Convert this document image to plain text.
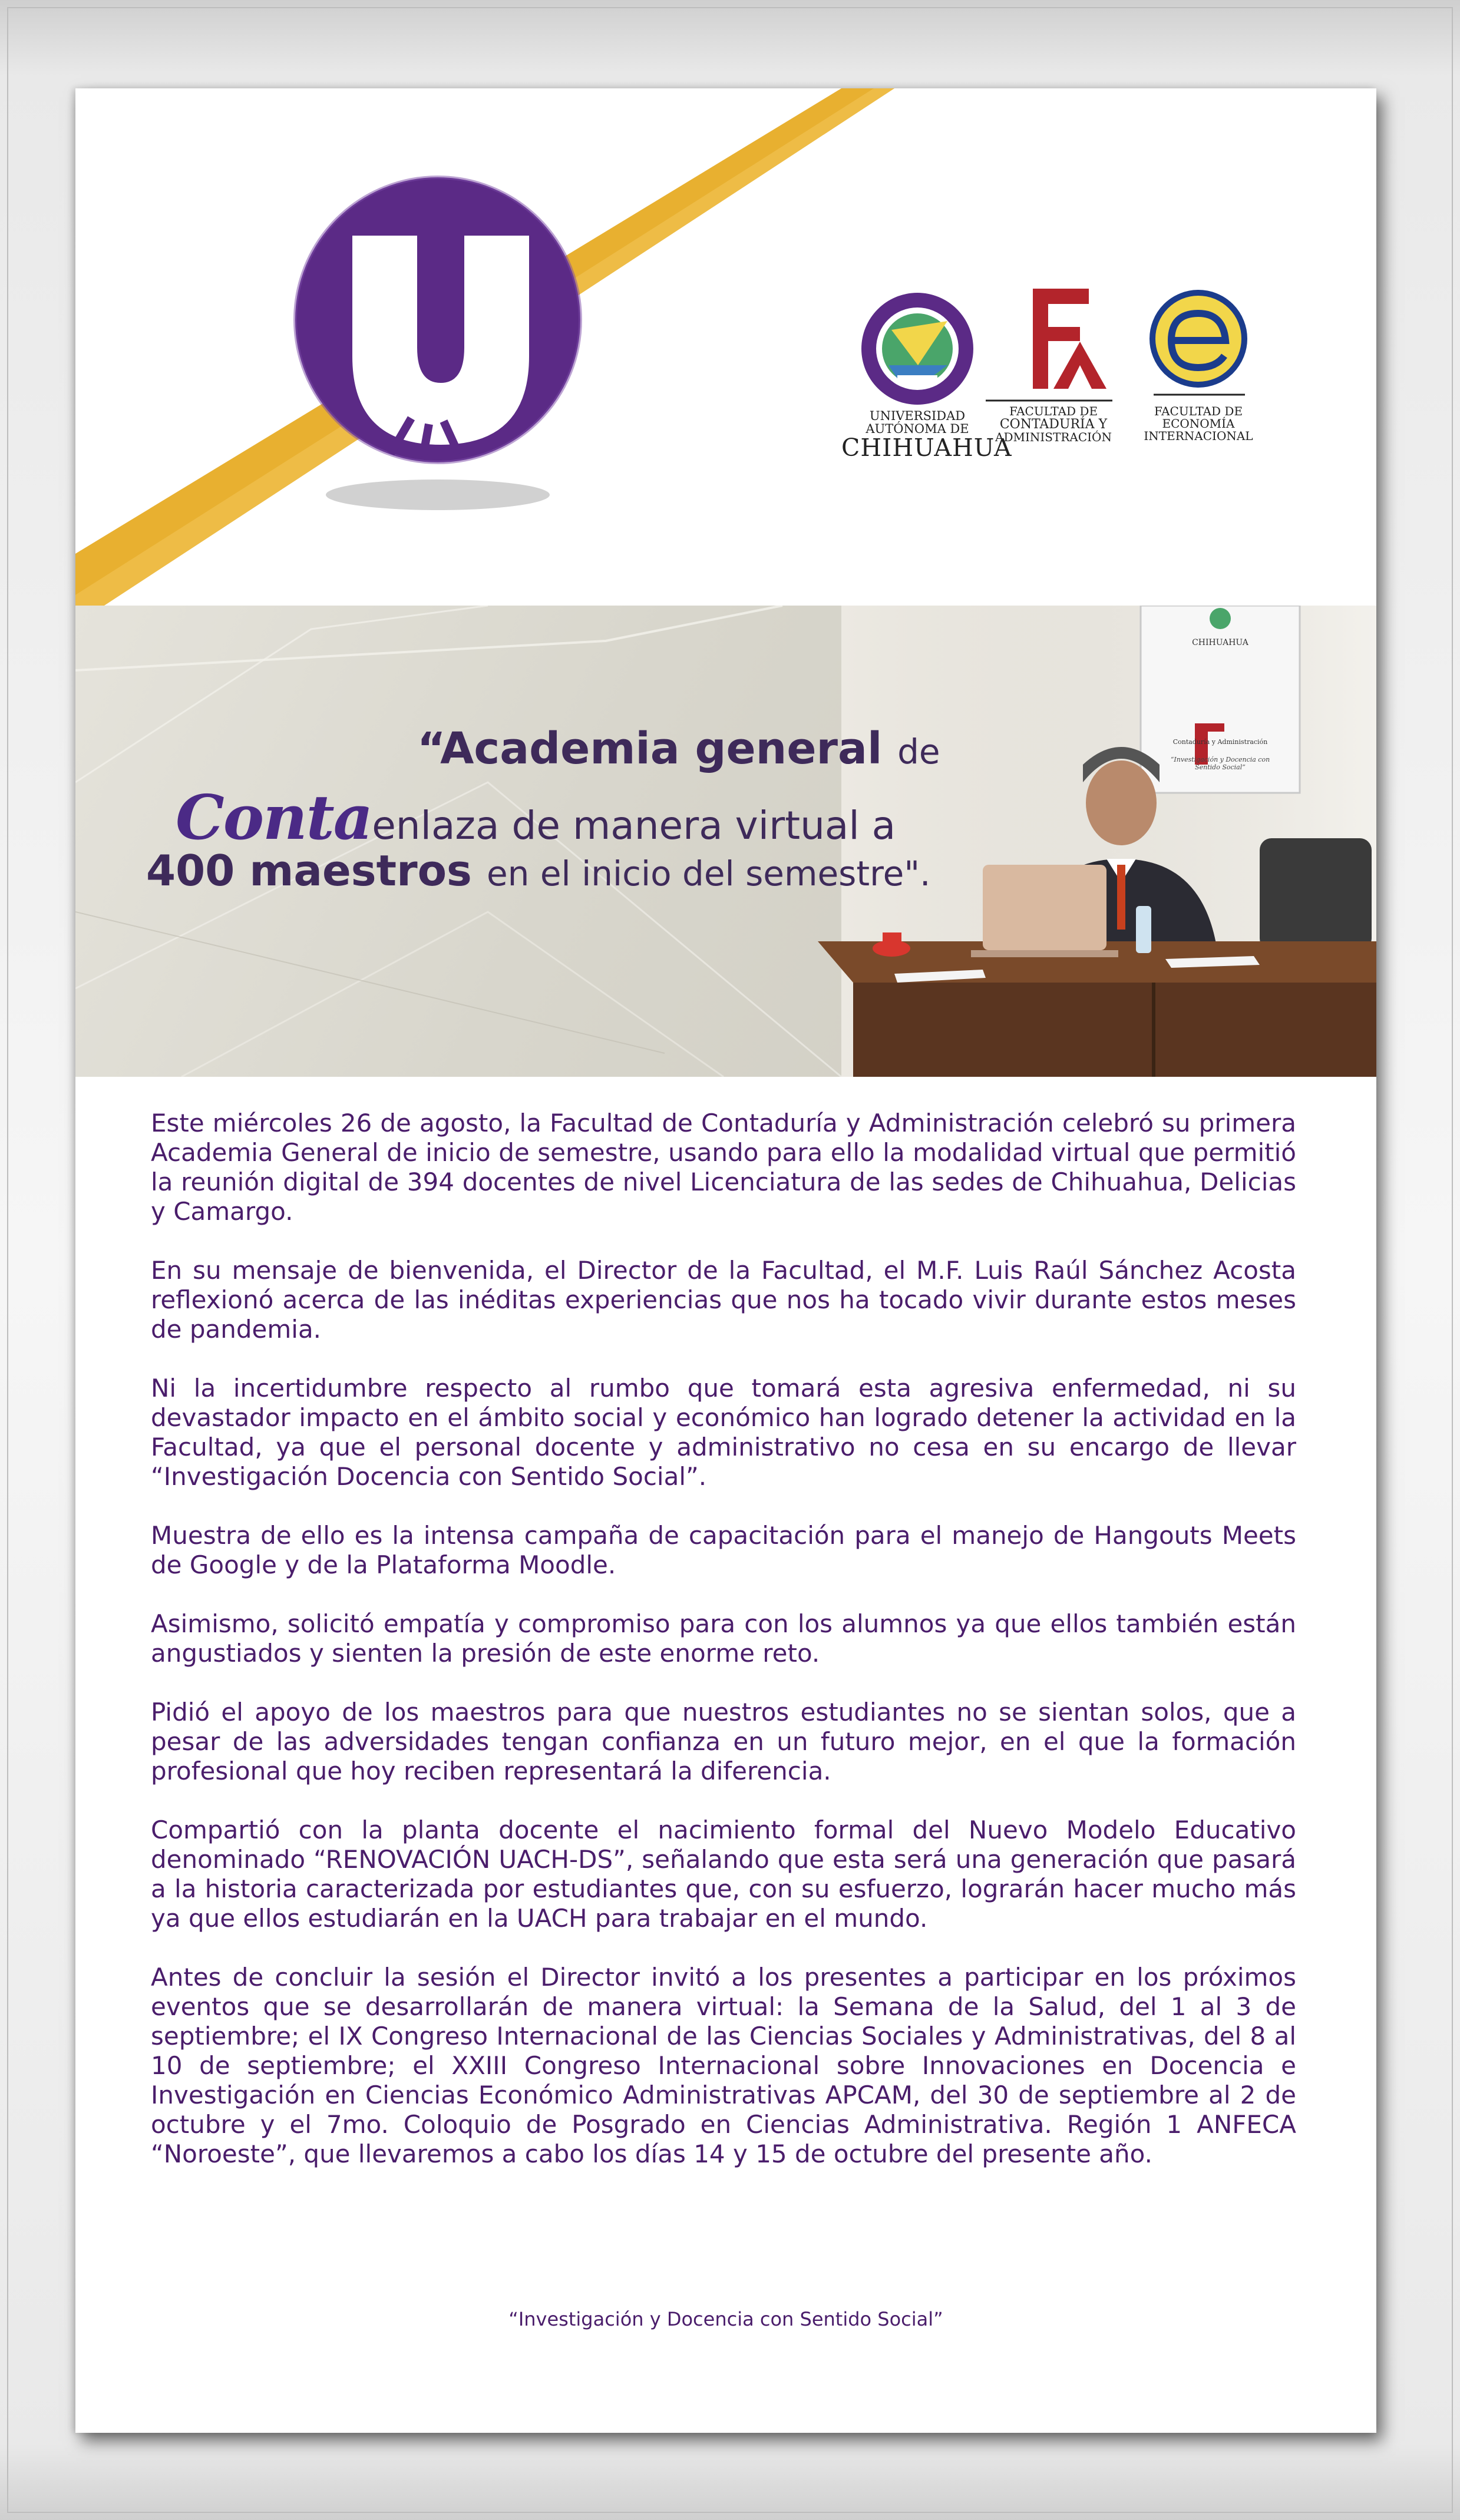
UNIVERSIDAD AUTÓNOMA DE
CHIHUAHUA
FACULTAD DE
CONTADURÍA Y
ADMINISTRACIÓN
FACULTAD DE
ECONOMÍA
INTERNACIONAL
CHIHUAHUA
Contaduría y Administración
“Investigación y Docencia con Sentido Social”
“Academia general de
Contaenlaza de manera virtual a
400 maestros en el inicio del semestre".

Este miércoles 26 de agosto, la Facultad de Contaduría y Administración celebró su primera Academia General de inicio de semestre, usando para ello la modalidad virtual que permitió la reunión digital de 394 docentes de nivel Licenciatura de las sedes de Chihuahua, Delicias y Camargo.

En su mensaje de bienvenida, el Director de la Facultad, el M.F. Luis Raúl Sánchez Acosta reflexionó acerca de las inéditas experiencias que nos ha tocado vivir durante estos meses de pandemia.

Ni la incertidumbre respecto al rumbo que tomará esta agresiva enfermedad, ni su devastador impacto en el ámbito social y económico han logrado detener la actividad en la Facultad, ya que el personal docente y administrativo no cesa en su encargo de llevar “Investigación Docencia con Sentido Social”.

Muestra de ello es la intensa campaña de capacitación para el manejo de Hangouts Meets de Google y de la Plataforma Moodle.

Asimismo, solicitó empatía y compromiso para con los alumnos ya que ellos también están angustiados y sienten la presión de este enorme reto.

Pidió el apoyo de los maestros para que nuestros estudiantes no se sientan solos, que a pesar de las adversidades tengan confianza en un futuro mejor, en el que la formación profesional que hoy reciben representará la diferencia.

Compartió con la planta docente el nacimiento formal del Nuevo Modelo Educativo denominado “RENOVACIÓN UACH-DS”, señalando que esta será una generación que pasará a la historia caracterizada por estudiantes que, con su esfuerzo, lograrán hacer mucho más ya que ellos estudiarán en la UACH para trabajar en el mundo.

Antes de concluir la sesión el Director invitó a los presentes a participar en los próximos eventos que se desarrollarán de manera virtual: la Semana de la Salud, del 1 al 3 de septiembre; el IX Congreso Internacional de las Ciencias Sociales y Administrativas, del 8 al 10 de septiembre; el XXIII Congreso Internacional sobre Innovaciones en Docencia e Investigación en Ciencias Económico Administrativas APCAM, del 30 de septiembre al 2 de octubre y el 7mo. Coloquio de Posgrado en Ciencias Administrativa. Región 1 ANFECA “Noroeste”, que llevaremos a cabo los días 14 y 15 de octubre del presente año.

“Investigación y Docencia con Sentido Social”
